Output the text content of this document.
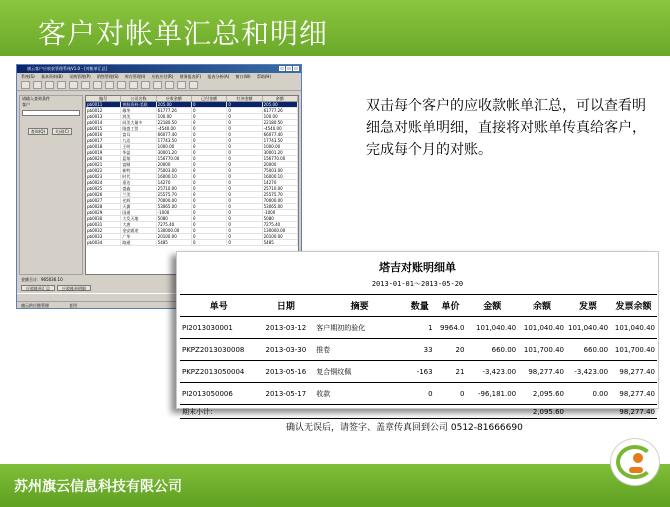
客户对帐单汇总和明细
旗云客户应收款管理系统V1.0 - [对帐单汇总]
系统(S) 基本资料(B) 采购管理(P) 销售管理(S) 库存管理(I) 应收应付(R) 财务报表(F) 报表分析(A) 窗口(W) 帮助(H)
请输入查询条件
客户
查询(Q)	关闭(C)
编号	公司名称	应收金额	已付金额	红冲金额	余额
pb0011	黄航资料·美联	205.00	0	0	205.00
pb0012	耀华	61777.26	0	0	61777.26
pb0013	鸿美	100.00	0	0	100.00
pb0014	同美大量多	22180.50	0	0	22180.50
pb0015	隆盛工贸	-4540.00	0	0	-4540.00
pb0016	富耳	66077.40	0	0	66077.40
pb0017	九达	17743.50	0	0	17743.50
pb0018	王明	1000.00	0	0	1000.00
pb0019	华盈	30001.20	0	0	30001.20
pb0020	蓝翔	156770.00	0	0	156770.00
pb0021	富顺	20000	0	0	20000
pb0022	新特	75003.00	0	0	75003.00
pb0023	时代	16000.10	0	0	16000.10
pb0024	嘉达	14270	0	0	14270
pb0025	盛鑫	25710.00	0	0	25710.00
pb0026	兰美	25575.70	0	0	25575.70
pb0027	光辉	70000.00	0	0	70000.00
pb0028	天翼	53065.00	0	0	53065.00
pb0029	国通	-1000	0	0	-1000
pb0030	大发天地	5080	0	0	5080
pb0031	大唐	7275.40	0	0	7275.40
pb0032	金安浦途	130000.00	0	0	130000.00
pb0033	广华	20100.00	0	0	20100.00
pb0034	路通	5485	0	0	5485
金额合计：965036.10
应收帐单汇总	应收帐单明细
旗云供应链管理	老用
双击每个客户的应收款帐单汇总，可以查看明细急对账单明细，直接将对账单传真给客户，完成每个月的对账。
塔吉对账明细单
2013-01-01～2013-05-20
单号	日期	摘要	数量	单价	金额	余额	发票	发票余额
PI2013030001	2013-03-12	客户期初的验化	1	9964.0	101,040.40	101,040.40	101,040.40	101,040.40
PKPZ2013030008	2013-03-30	推卷	33	20	660.00	101,700.40	660.00	101,700.40
PKPZ2013050004	2013-05-16	复合铜纹佩	-163	21	-3,423.00	98,277.40	-3,423.00	98,277.40
PI2013050006	2013-05-17	收款	0	0	-96,181.00	2,095.60	0.00	98,277.40
期末小计：						2,095.60		98,277.40
确认无误后，请签字、盖章传真回到公司 0512-81666690
苏州旗云信息科技有限公司
